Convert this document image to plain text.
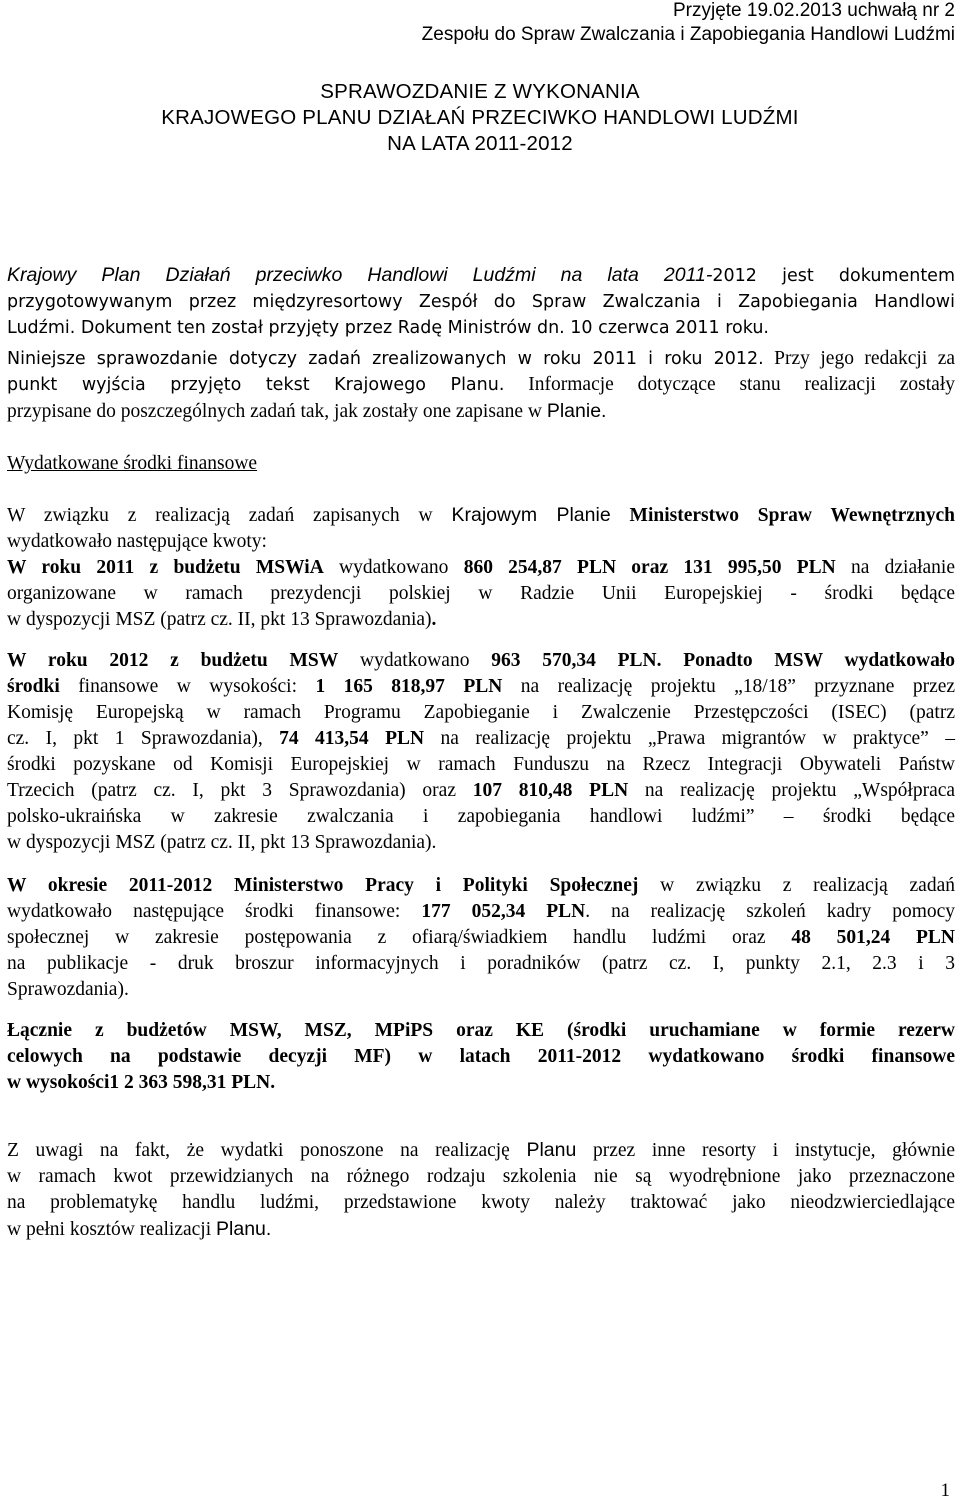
Przyjęte 19.02.2013 uchwałą nr 2
Zespołu do Spraw Zwalczania i Zapobiegania Handlowi Ludźmi
SPRAWOZDANIE Z WYKONANIA
KRAJOWEGO PLANU DZIAŁAŃ PRZECIWKO HANDLOWI LUDŹMI
NA LATA 2011-2012
Krajowy Plan Działań przeciwko Handlowi Ludźmi na lata 2011-2012 jest dokumentem
przygotowywanym przez międzyresortowy Zespół do Spraw Zwalczania i Zapobiegania Handlowi
Ludźmi. Dokument ten został przyjęty przez Radę Ministrów dn. 10 czerwca 2011 roku.
Niniejsze sprawozdanie dotyczy zadań zrealizowanych w roku 2011 i roku 2012. Przy jego redakcji za
punkt wyjścia przyjęto tekst Krajowego Planu. Informacje dotyczące stanu realizacji zostały
przypisane do poszczególnych zadań tak, jak zostały one zapisane w Planie.
Wydatkowane środki finansowe
W związku z realizacją zadań zapisanych w Krajowym Planie Ministerstwo Spraw Wewnętrznych
wydatkowało następujące kwoty:
W roku 2011 z budżetu MSWiA wydatkowano 860 254,87 PLN oraz 131 995,50 PLN na działanie
organizowane w ramach prezydencji polskiej w Radzie Unii Europejskiej - środki będące
w dyspozycji MSZ (patrz cz. II, pkt 13 Sprawozdania).
W roku 2012 z budżetu MSW wydatkowano 963 570,34 PLN. Ponadto MSW wydatkowało
środki finansowe w wysokości: 1 165 818,97 PLN na realizację projektu „18/18” przyznane przez
Komisję Europejską w ramach Programu Zapobieganie i Zwalczenie Przestępczości (ISEC) (patrz
cz. I, pkt 1 Sprawozdania), 74 413,54 PLN na realizację projektu „Prawa migrantów w praktyce” –
środki pozyskane od Komisji Europejskiej w ramach Funduszu na Rzecz Integracji Obywateli Państw
Trzecich (patrz cz. I, pkt 3 Sprawozdania) oraz 107 810,48 PLN na realizację projektu „Współpraca
polsko-ukraińska w zakresie zwalczania i zapobiegania handlowi ludźmi” – środki będące
w dyspozycji MSZ (patrz cz. II, pkt 13 Sprawozdania).
W okresie 2011-2012 Ministerstwo Pracy i Polityki Społecznej w związku z realizacją zadań
wydatkowało następujące środki finansowe: 177 052,34 PLN. na realizację szkoleń kadry pomocy
społecznej w zakresie postępowania z ofiarą/świadkiem handlu ludźmi oraz 48 501,24 PLN
na publikacje - druk broszur informacyjnych i poradników (patrz cz. I, punkty 2.1, 2.3 i 3
Sprawozdania).
Łącznie z budżetów MSW, MSZ, MPiPS oraz KE (środki uruchamiane w formie rezerw
celowych na podstawie decyzji MF) w latach 2011-2012 wydatkowano środki finansowe
w wysokości1 2 363 598,31 PLN.
Z uwagi na fakt, że wydatki ponoszone na realizację Planu przez inne resorty i instytucje, głównie
w ramach kwot przewidzianych na różnego rodzaju szkolenia nie są wyodrębnione jako przeznaczone
na problematykę handlu ludźmi, przedstawione kwoty należy traktować jako nieodzwierciedlające
w pełni kosztów realizacji Planu.
1
